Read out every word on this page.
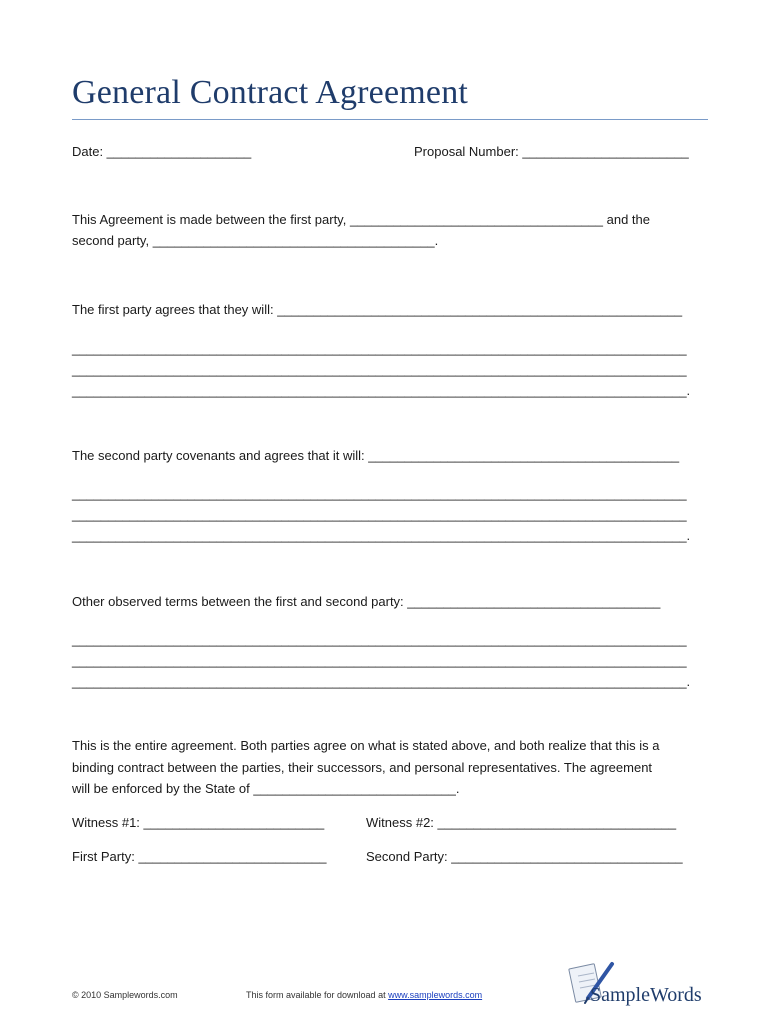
General Contract Agreement
Date: ____________________	Proposal Number: _______________________
This Agreement is made between the first party, ___________________________________ and the
second party, _______________________________________.
The first party agrees that they will: ________________________________________________________
_____________________________________________________________________________________
_____________________________________________________________________________________
_____________________________________________________________________________________.
The second party covenants and agrees that it will: ___________________________________________
_____________________________________________________________________________________
_____________________________________________________________________________________
_____________________________________________________________________________________.
Other observed terms between the first and second party: ___________________________________
_____________________________________________________________________________________
_____________________________________________________________________________________
_____________________________________________________________________________________.
This is the entire agreement. Both parties agree on what is stated above, and both realize that this is a
binding contract between the parties, their successors, and personal representatives. The agreement
will be enforced by the State of ____________________________.
Witness #1: _________________________	Witness #2: _________________________________
First Party: __________________________	Second Party: ________________________________
© 2010 Samplewords.com	This form available for download at www.samplewords.com	SampleWords
